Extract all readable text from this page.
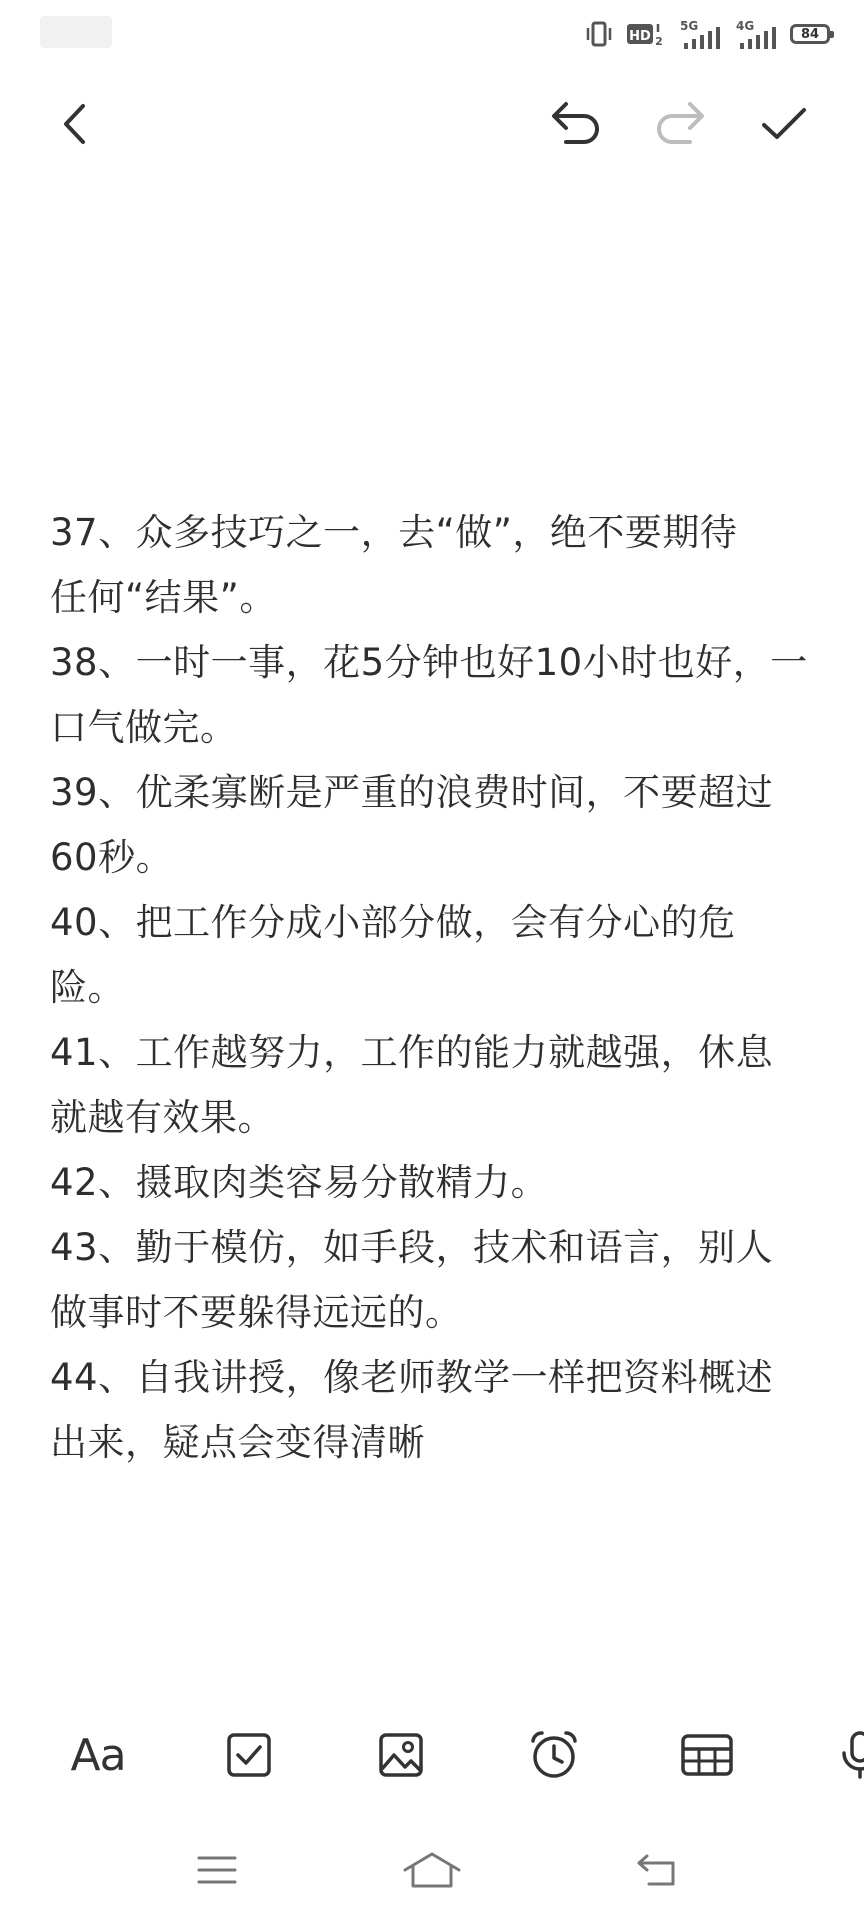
HD 2
5G	4G
84
37、众多技巧之一，去“做”，绝不要期待
任何“结果”。
38、一时一事，花5分钟也好10小时也好，一
口气做完。
39、优柔寡断是严重的浪费时间，不要超过
60秒。
40、把工作分成小部分做，会有分心的危
险。
41、工作越努力，工作的能力就越强，休息
就越有效果。
42、摄取肉类容易分散精力。
43、勤于模仿，如手段，技术和语言，别人
做事时不要躲得远远的。
44、自我讲授，像老师教学一样把资料概述
出来，疑点会变得清晰
Aa
